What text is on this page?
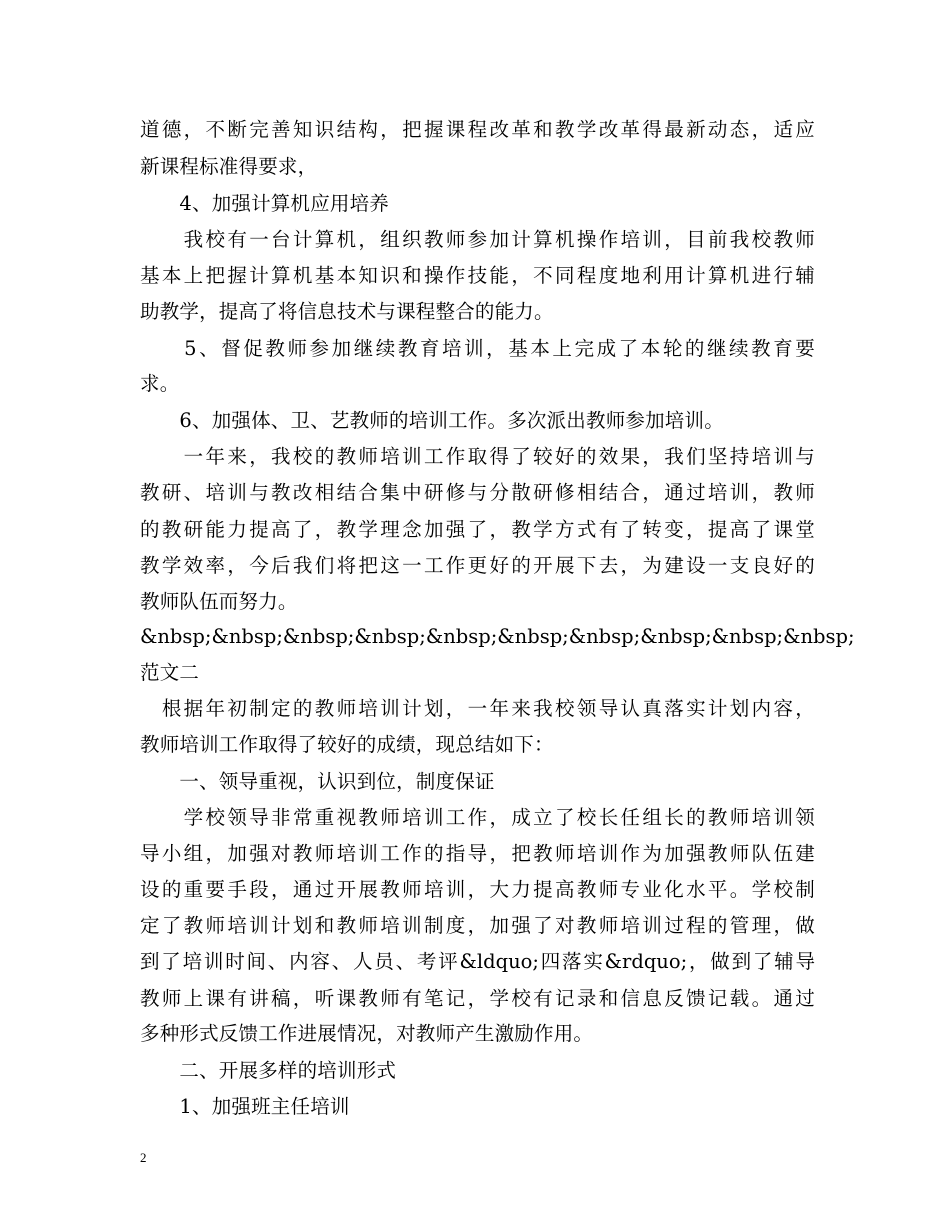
道德，不断完善知识结构，把握课程改革和教学改革得最新动态，适应
新课程标准得要求，
　　4、加强计算机应用培养
　　我校有一台计算机，组织教师参加计算机操作培训，目前我校教师
基本上把握计算机基本知识和操作技能，不同程度地利用计算机进行辅
助教学，提高了将信息技术与课程整合的能力。
　　5、督促教师参加继续教育培训，基本上完成了本轮的继续教育要
求。
　　6、加强体、卫、艺教师的培训工作。多次派出教师参加培训。
　　一年来，我校的教师培训工作取得了较好的效果，我们坚持培训与
教研、培训与教改相结合集中研修与分散研修相结合，通过培训，教师
的教研能力提高了，教学理念加强了，教学方式有了转变，提高了课堂
教学效率，今后我们将把这一工作更好的开展下去，为建设一支良好的
教师队伍而努力。
&nbsp;&nbsp;&nbsp;&nbsp;&nbsp;&nbsp;&nbsp;&nbsp;&nbsp;&nbsp;
范文二
　根据年初制定的教师培训计划，一年来我校领导认真落实计划内容，
教师培训工作取得了较好的成绩，现总结如下：
　　一、领导重视，认识到位，制度保证
　　学校领导非常重视教师培训工作，成立了校长任组长的教师培训领
导小组，加强对教师培训工作的指导，把教师培训作为加强教师队伍建
设的重要手段，通过开展教师培训，大力提高教师专业化水平。学校制
定了教师培训计划和教师培训制度，加强了对教师培训过程的管理，做
到了培训时间、内容、人员、考评&ldquo;四落实&rdquo;，做到了辅导
教师上课有讲稿，听课教师有笔记，学校有记录和信息反馈记载。通过
多种形式反馈工作进展情况，对教师产生激励作用。
　　二、开展多样的培训形式
　　1、加强班主任培训
2
